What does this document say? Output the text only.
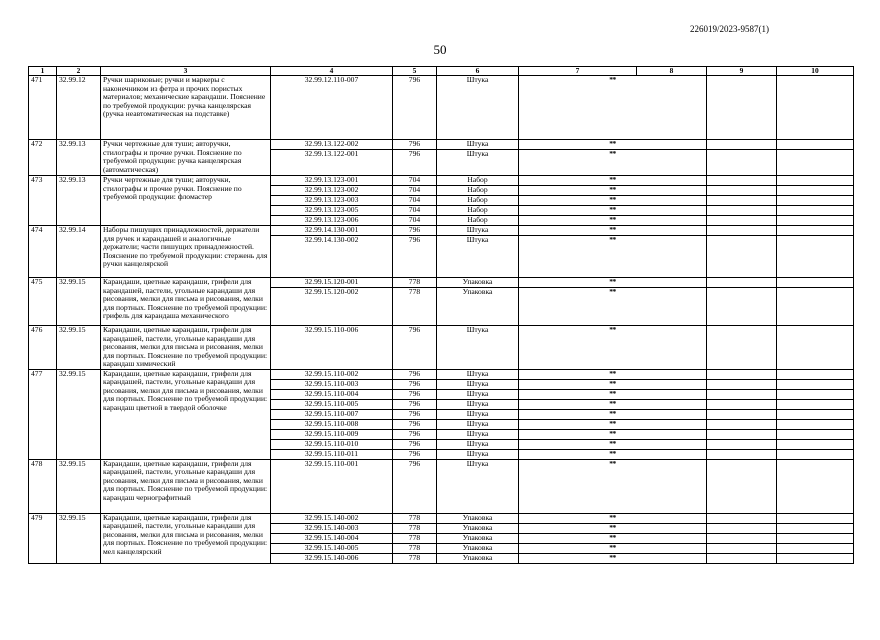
226019/2023-9587(1)
50
1	2	3	4	5	6	7	8	9	10
471	32.99.12	Ручки шариковые; ручки и маркеры с наконечником из фетра и прочих пористых материалов; механические карандаши. Пояснение по требуемой продукции: ручка канцелярская (ручка неавтоматическая на подставке)	32.99.12.110-007	796	Штука	**			
472	32.99.13	Ручки чертежные для туши; авторучки, стилографы и прочие ручки. Пояснение по требуемой продукции: ручка канцелярская (автоматическая)	32.99.13.122-002	796	Штука	**			
			32.99.13.122-001	796	Штука	**			
473	32.99.13	Ручки чертежные для туши; авторучки, стилографы и прочие ручки. Пояснение по требуемой продукции: фломастер	32.99.13.123-001	704	Набор	**			
			32.99.13.123-002	704	Набор	**			
			32.99.13.123-003	704	Набор	**			
			32.99.13.123-005	704	Набор	**			
			32.99.13.123-006	704	Набор	**			
474	32.99.14	Наборы пишущих принадлежностей, держатели для ручек и карандашей и аналогичные держатели; части пишущих принадлежностей. Пояснение по требуемой продукции: стержень для ручки канцелярской	32.99.14.130-001	796	Штука	**			
			32.99.14.130-002	796	Штука	**			
475	32.99.15	Карандаши, цветные карандаши, грифели для карандашей, пастели, угольные карандаши для рисования, мелки для письма и рисования, мелки для портных. Пояснение по требуемой продукции: грифель для карандаша механического	32.99.15.120-001	778	Упаковка	**			
			32.99.15.120-002	778	Упаковка	**			
476	32.99.15	Карандаши, цветные карандаши, грифели для карандашей, пастели, угольные карандаши для рисования, мелки для письма и рисования, мелки для портных. Пояснение по требуемой продукции: карандаш химический	32.99.15.110-006	796	Штука	**			
477	32.99.15	Карандаши, цветные карандаши, грифели для карандашей, пастели, угольные карандаши для рисования, мелки для письма и рисования, мелки для портных. Пояснение по требуемой продукции: карандаш цветной в твердой оболочке	32.99.15.110-002	796	Штука	**			
			32.99.15.110-003	796	Штука	**			
			32.99.15.110-004	796	Штука	**			
			32.99.15.110-005	796	Штука	**			
			32.99.15.110-007	796	Штука	**			
			32.99.15.110-008	796	Штука	**			
			32.99.15.110-009	796	Штука	**			
			32.99.15.110-010	796	Штука	**			
			32.99.15.110-011	796	Штука	**			
478	32.99.15	Карандаши, цветные карандаши, грифели для карандашей, пастели, угольные карандаши для рисования, мелки для письма и рисования, мелки для портных. Пояснение по требуемой продукции: карандаш чернографитный	32.99.15.110-001	796	Штука	**			
479	32.99.15	Карандаши, цветные карандаши, грифели для карандашей, пастели, угольные карандаши для рисования, мелки для письма и рисования, мелки для портных. Пояснение по требуемой продукции: мел канцелярский	32.99.15.140-002	778	Упаковка	**			
			32.99.15.140-003	778	Упаковка	**			
			32.99.15.140-004	778	Упаковка	**			
			32.99.15.140-005	778	Упаковка	**			
			32.99.15.140-006	778	Упаковка	**			
